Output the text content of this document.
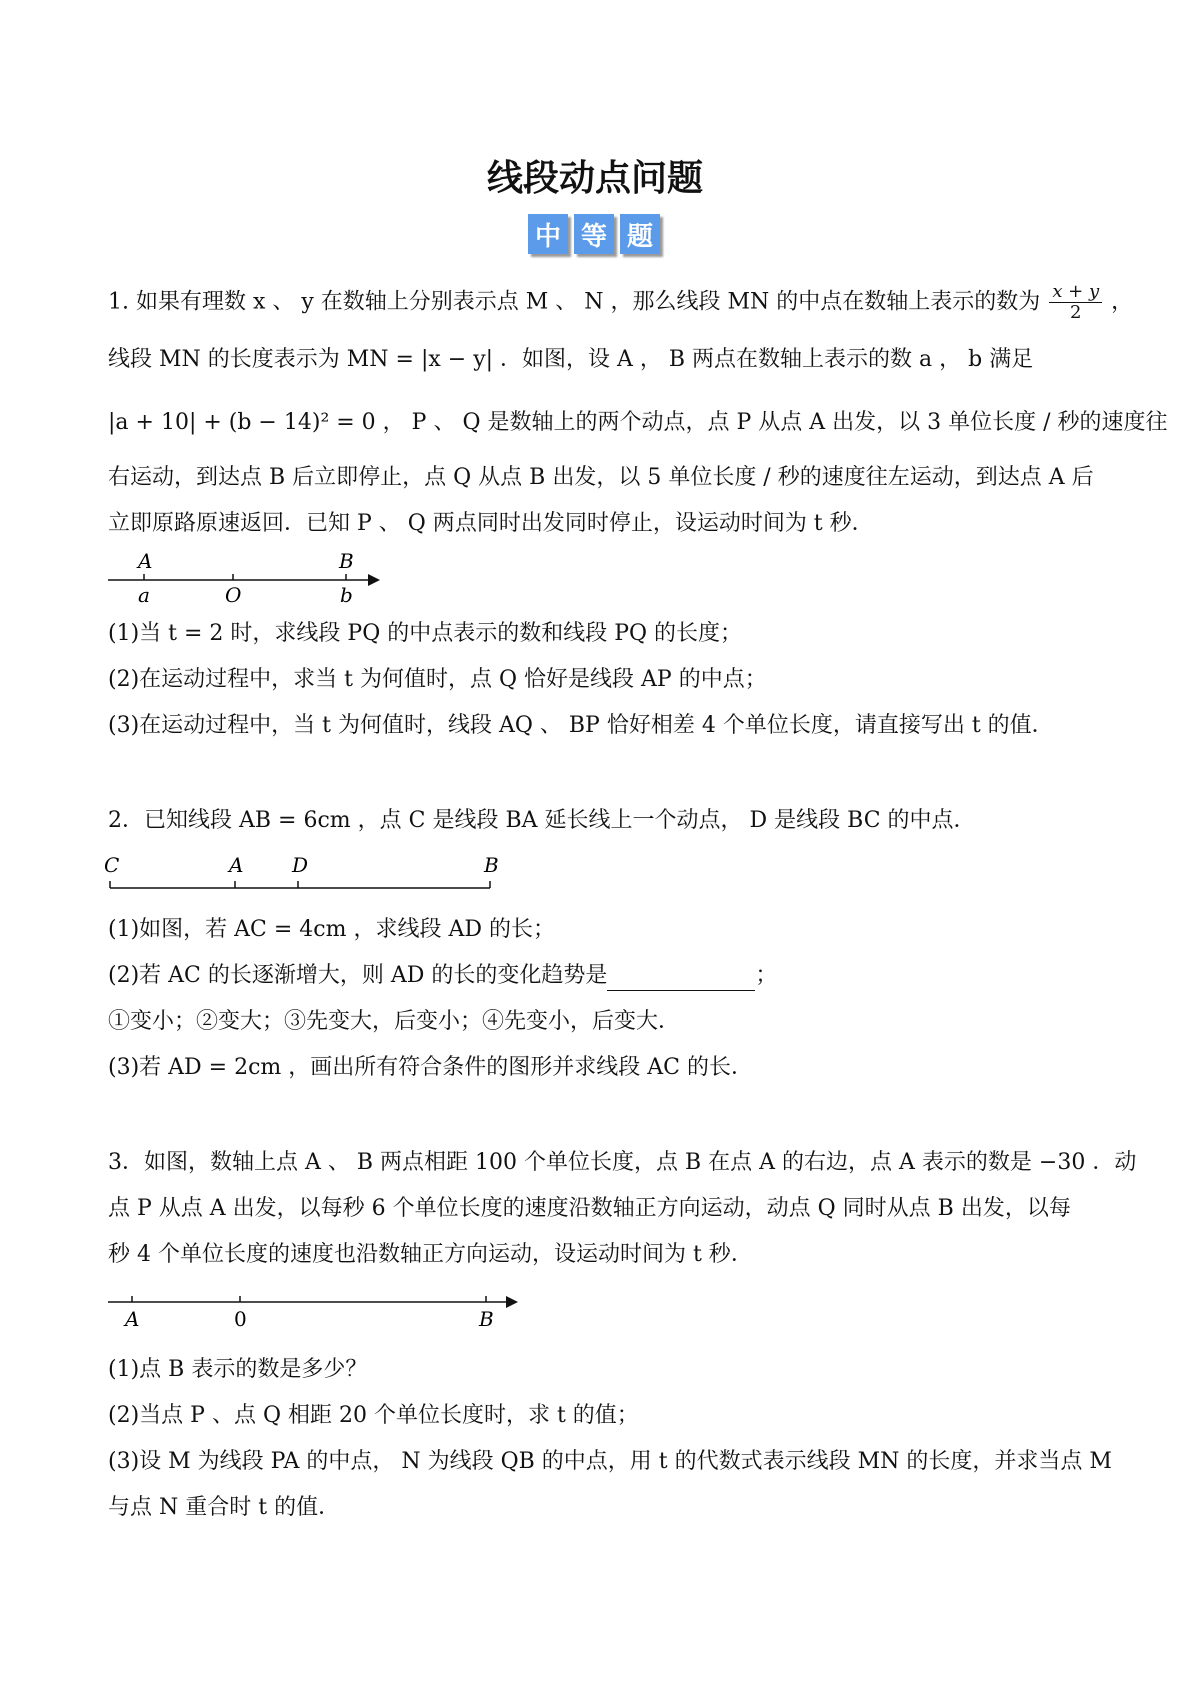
线段动点问题
中 等 题
1. 如果有理数 x 、 y 在数轴上分别表示点 M 、 N ，那么线段 MN 的中点在数轴上表示的数为 $\frac{x + y}{2}$ ，
线段 MN 的长度表示为 MN = |x − y| ．如图，设 A ， B 两点在数轴上表示的数 a ， b 满足
|a + 10| + (b − 14)² = 0 ， P 、 Q 是数轴上的两个动点，点 P 从点 A 出发，以 3 单位长度 / 秒的速度往
右运动，到达点 B 后立即停止，点 Q 从点 B 出发，以 5 单位长度 / 秒的速度往左运动，到达点 A 后
立即原路原速返回．已知 P 、 Q 两点同时出发同时停止，设运动时间为 t 秒．
A	B
a	O	b
(1)当 t = 2 时，求线段 PQ 的中点表示的数和线段 PQ 的长度；
(2)在运动过程中，求当 t 为何值时，点 Q 恰好是线段 AP 的中点；
(3)在运动过程中，当 t 为何值时，线段 AQ 、 BP 恰好相差 4 个单位长度，请直接写出 t 的值．
2．已知线段 AB = 6cm ，点 C 是线段 BA 延长线上一个动点， D 是线段 BC 的中点．
C	A D	B
(1)如图，若 AC = 4cm ，求线段 AD 的长；
(2)若 AC 的长逐渐增大，则 AD 的长的变化趋势是	；
①变小；②变大；③先变大，后变小；④先变小，后变大．
(3)若 AD = 2cm ，画出所有符合条件的图形并求线段 AC 的长．
3．如图，数轴上点 A 、 B 两点相距 100 个单位长度，点 B 在点 A 的右边，点 A 表示的数是 −30 ．动
点 P 从点 A 出发，以每秒 6 个单位长度的速度沿数轴正方向运动，动点 Q 同时从点 B 出发，以每
秒 4 个单位长度的速度也沿数轴正方向运动，设运动时间为 t 秒．
A	0	B
(1)点 B 表示的数是多少？
(2)当点 P 、点 Q 相距 20 个单位长度时，求 t 的值；
(3)设 M 为线段 PA 的中点， N 为线段 QB 的中点，用 t 的代数式表示线段 MN 的长度，并求当点 M
与点 N 重合时 t 的值．
